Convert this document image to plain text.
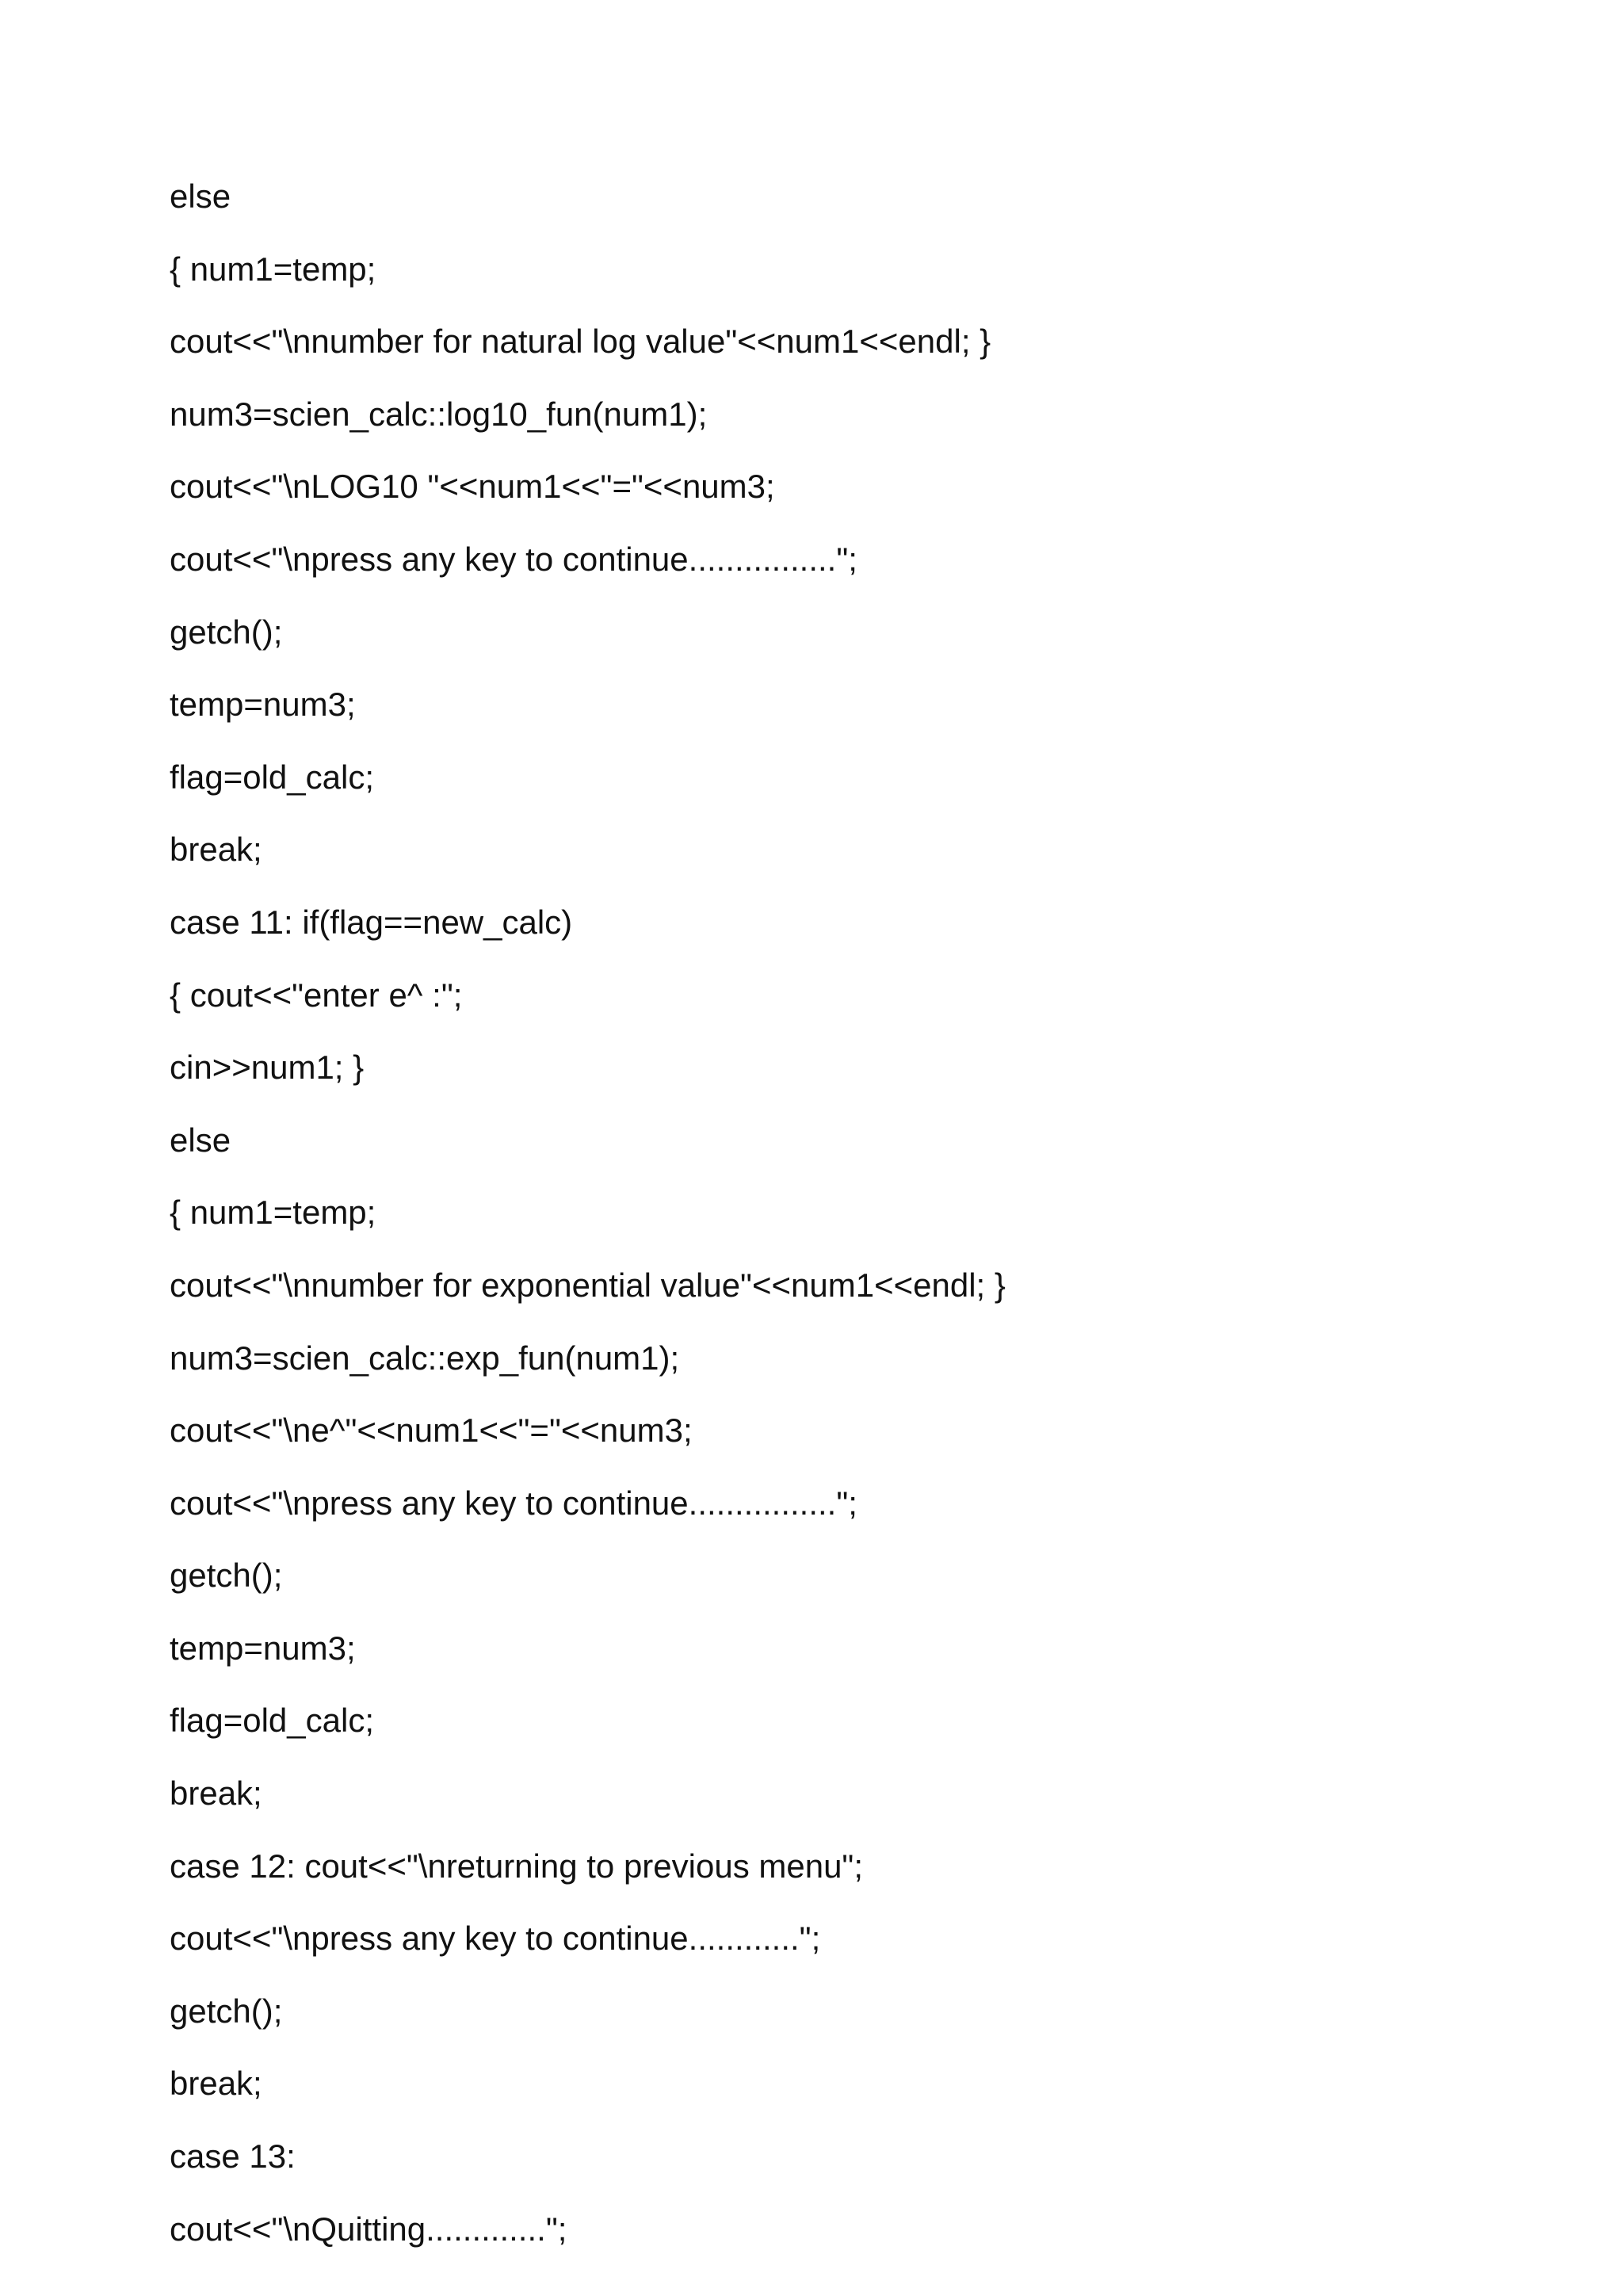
else
{ num1=temp;
cout<<"\nnumber for natural log value"<<num1<<endl; }
num3=scien_calc::log10_fun(num1);
cout<<"\nLOG10 "<<num1<<"="<<num3;
cout<<"\npress any key to continue................";
getch();
temp=num3;
flag=old_calc;
break;
case 11: if(flag==new_calc)
{ cout<<"enter e^ :";
cin>>num1; }
else
{ num1=temp;
cout<<"\nnumber for exponential value"<<num1<<endl; }
num3=scien_calc::exp_fun(num1);
cout<<"\ne^"<<num1<<"="<<num3;
cout<<"\npress any key to continue................";
getch();
temp=num3;
flag=old_calc;
break;
case 12: cout<<"\nreturning to previous menu";
cout<<"\npress any key to continue............";
getch();
break;
case 13:
cout<<"\nQuitting.............";
